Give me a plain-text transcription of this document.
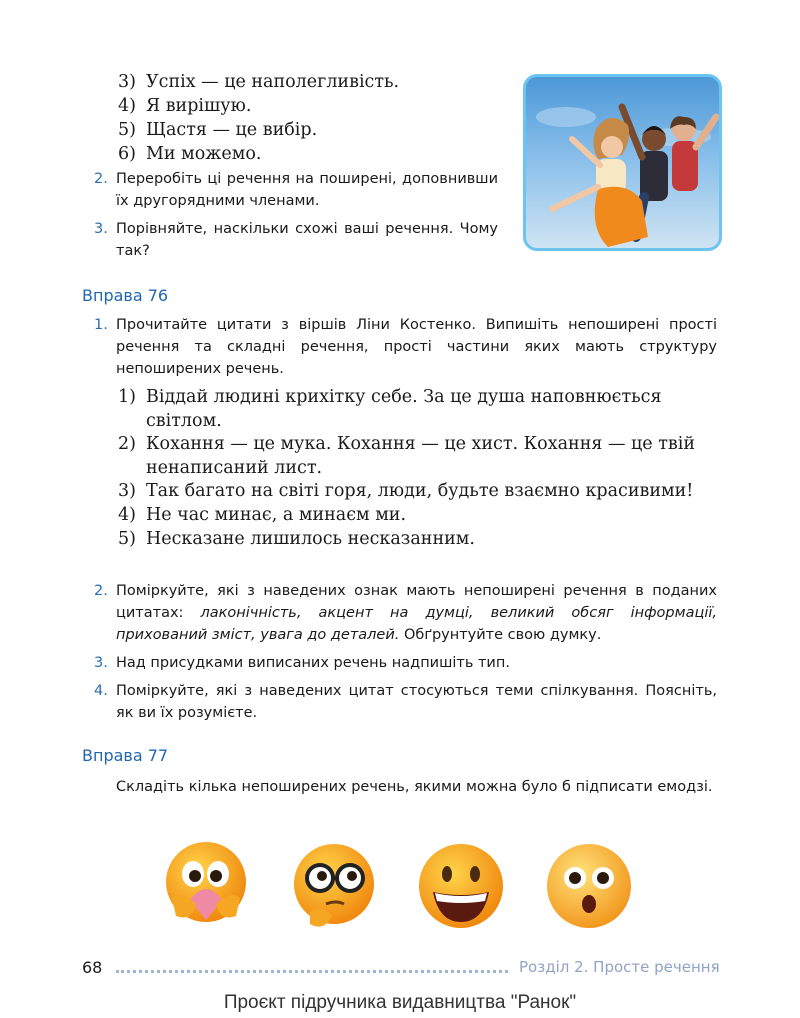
3) Успіх — це наполегливість.
4) Я вирішую.
5) Щастя — це вибір.
6) Ми можемо.
2. Переробіть ці речення на поширені, доповнивши їх другорядними членами.
3. Порівняйте, наскільки схожі ваші речення. Чому так?
Вправа 76
1. Прочитайте цитати з віршів Ліни Костенко. Випишіть непоширені прості речення та складні речення, прості частини яких мають структуру непоширених речень.
1) Віддай людині крихітку себе. За це душа наповнюється світлом.
2) Кохання — це мука. Кохання — це хист. Кохання — це твій ненаписаний лист.
3) Так багато на світі горя, люди, будьте взаємно красивими!
4) Не час минає, а минаєм ми.
5) Несказане лишилось несказанним.
2. Поміркуйте, які з наведених ознак мають непоширені речення в поданих цитатах: лаконічність, акцент на думці, великий обсяг інформації, прихований зміст, увага до деталей. Обґрунтуйте свою думку.
3. Над присудками виписаних речень надпишіть тип.
4. Поміркуйте, які з наведених цитат стосуються теми спілкування. Поясніть, як ви їх розумієте.
Вправа 77
Складіть кілька непоширених речень, якими можна було б підписати емодзі.
68	Розділ 2. Просте речення
Проєкт підручника видавництва "Ранок"
